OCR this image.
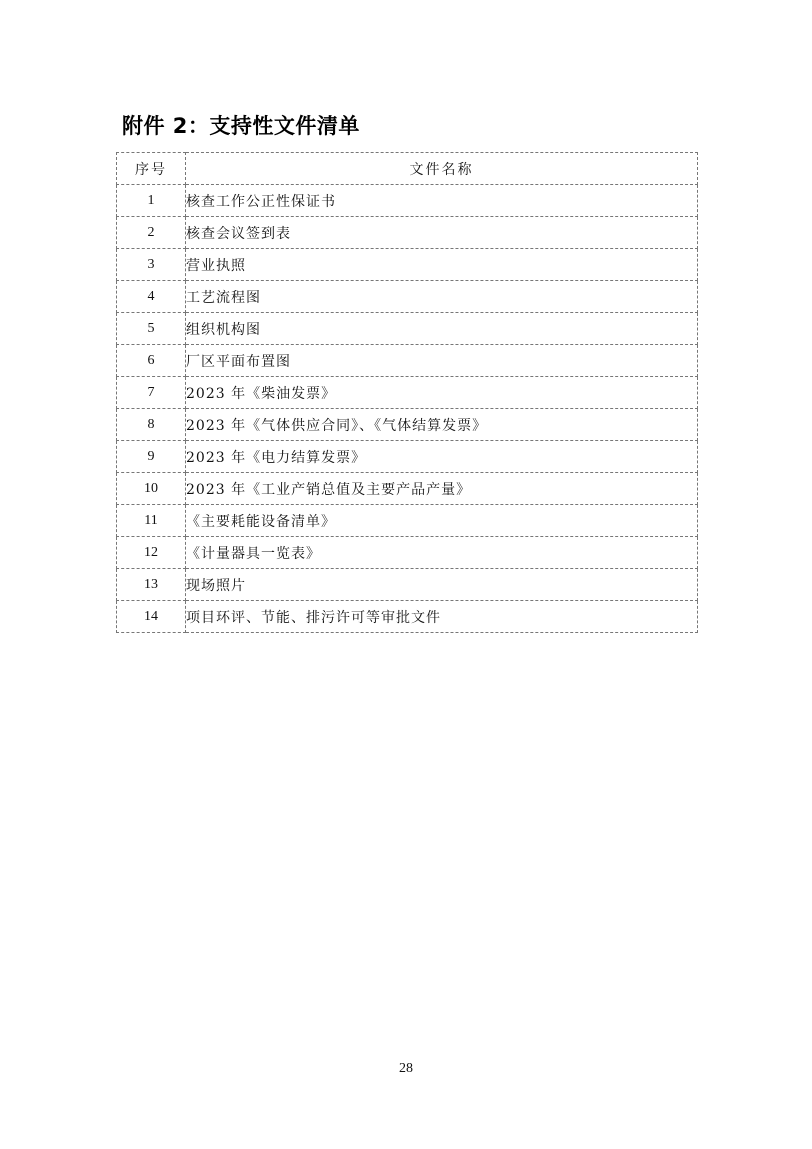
附件 2：支持性文件清单
序号	文件名称
1	核查工作公正性保证书
2	核查会议签到表
3	营业执照
4	工艺流程图
5	组织机构图
6	厂区平面布置图
7	2023 年《柴油发票》
8	2023 年《气体供应合同》、《气体结算发票》
9	2023 年《电力结算发票》
10	2023 年《工业产销总值及主要产品产量》
11	《主要耗能设备清单》
12	《计量器具一览表》
13	现场照片
14	项目环评、节能、排污许可等审批文件
28
